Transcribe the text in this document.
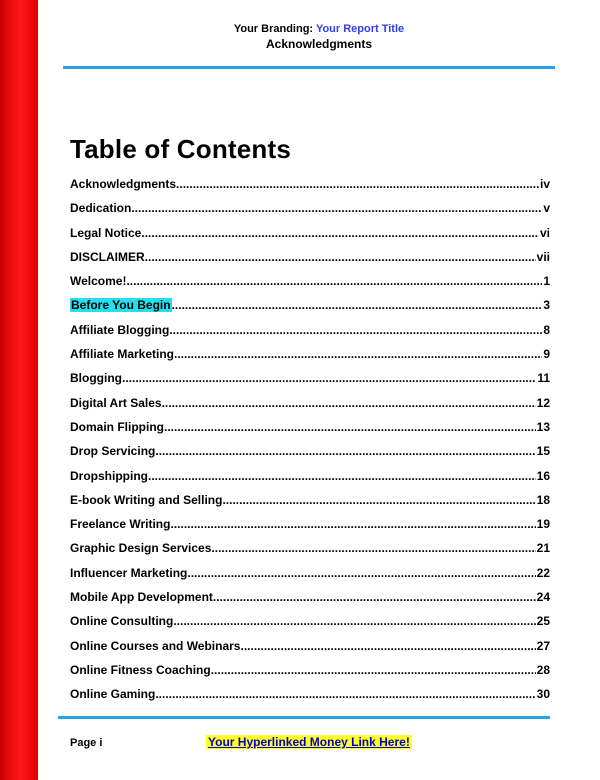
Your Branding: Your Report Title
Acknowledgments
Table of Contents
Acknowledgments .....	iv
Dedication .....	v
Legal Notice .....	vi
DISCLAIMER .....	vii
Welcome! .....	1
Before You Begin .....	3
Affiliate Blogging .....	8
Affiliate Marketing .....	9
Blogging .....	11
Digital Art Sales .....	12
Domain Flipping .....	13
Drop Servicing .....	15
Dropshipping .....	16
E-book Writing and Selling .....	18
Freelance Writing .....	19
Graphic Design Services .....	21
Influencer Marketing .....	22
Mobile App Development .....	24
Online Consulting .....	25
Online Courses and Webinars .....	27
Online Fitness Coaching .....	28
Online Gaming .....	30
Page i	Your Hyperlinked Money Link Here!
